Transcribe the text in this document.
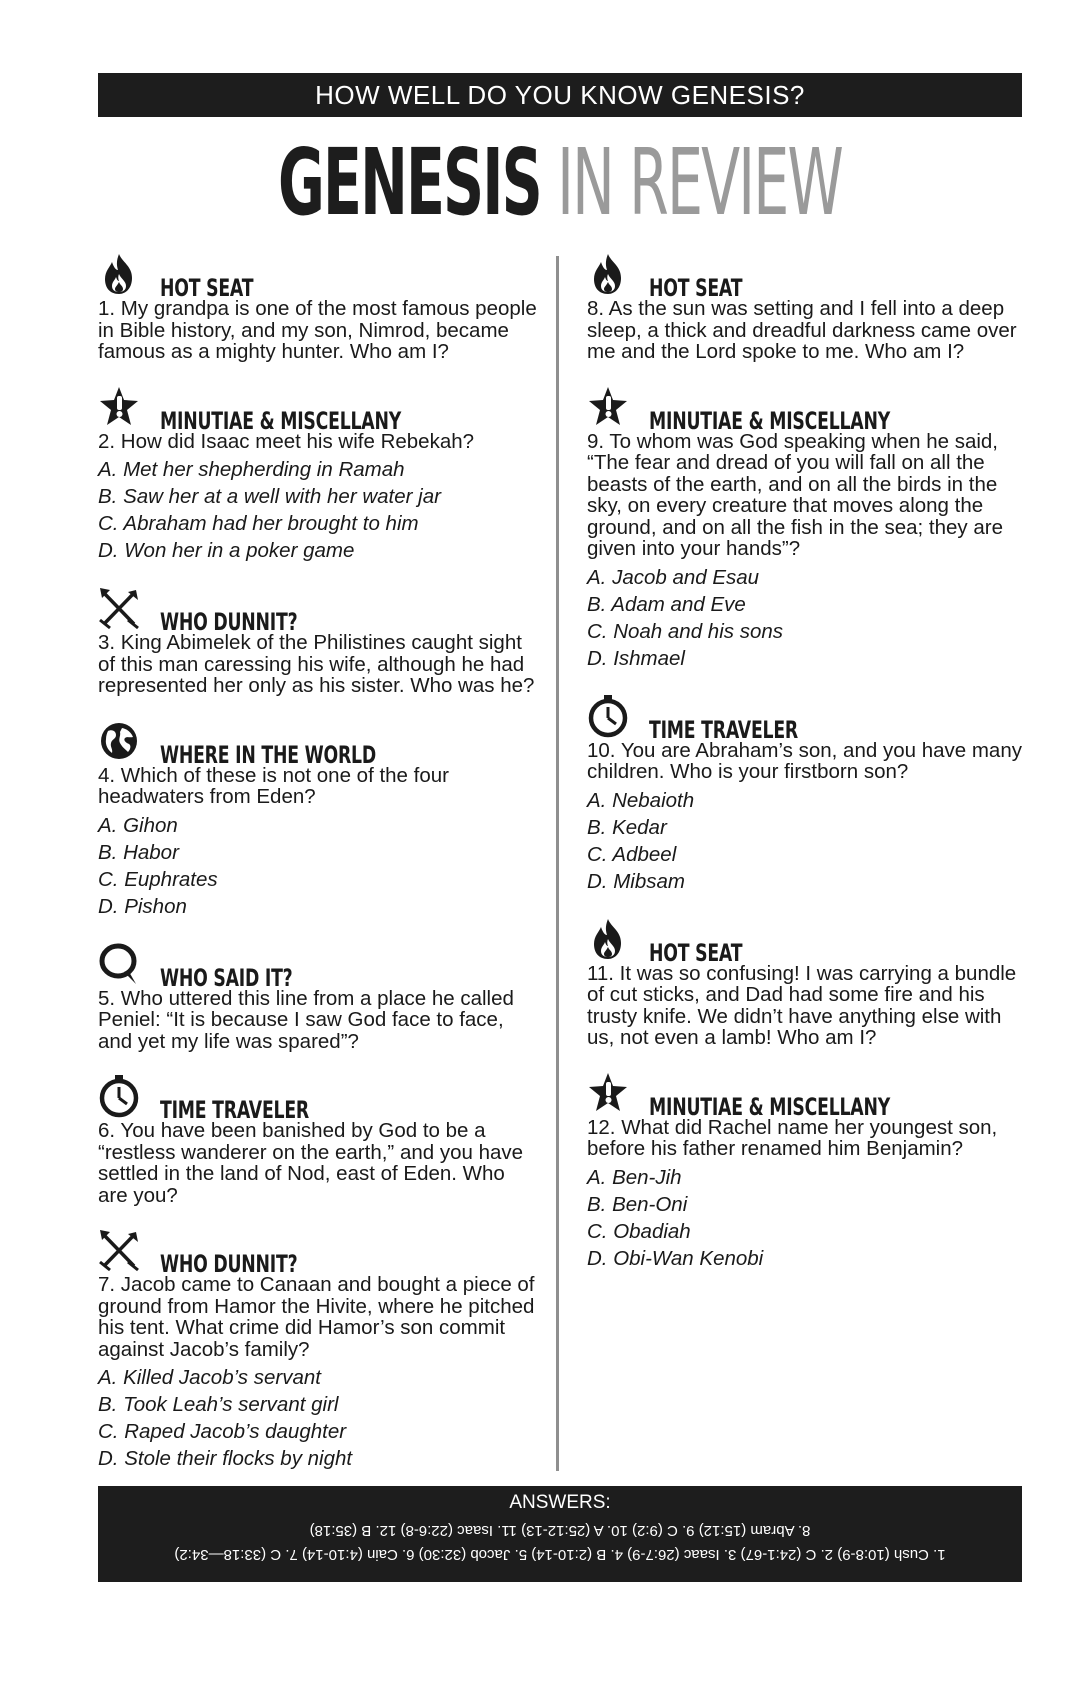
HOW WELL DO YOU KNOW GENESIS?
GENESIS IN REVIEW
HOT SEAT
1. My grandpa is one of the most famous people in Bible history, and my son, Nimrod, became famous as a mighty hunter. Who am I?
MINUTIAE & MISCELLANY
2. How did Isaac meet his wife Rebekah?
A. Met her shepherding in Ramah
B. Saw her at a well with her water jar
C. Abraham had her brought to him
D. Won her in a poker game
WHO DUNNIT?
3. King Abimelek of the Philistines caught sight of this man caressing his wife, although he had represented her only as his sister. Who was he?
WHERE IN THE WORLD
4. Which of these is not one of the four headwaters from Eden?
A. Gihon
B. Habor
C. Euphrates
D. Pishon
WHO SAID IT?
5. Who uttered this line from a place he called Peniel: “It is because I saw God face to face, and yet my life was spared”?
TIME TRAVELER
6. You have been banished by God to be a “restless wanderer on the earth,” and you have settled in the land of Nod, east of Eden. Who are you?
WHO DUNNIT?
7. Jacob came to Canaan and bought a piece of ground from Hamor the Hivite, where he pitched his tent. What crime did Hamor’s son commit against Jacob’s family?
A. Killed Jacob’s servant
B. Took Leah’s servant girl
C. Raped Jacob’s daughter
D. Stole their flocks by night
HOT SEAT
8. As the sun was setting and I fell into a deep sleep, a thick and dreadful darkness came over me and the Lord spoke to me. Who am I?
MINUTIAE & MISCELLANY
9. To whom was God speaking when he said, “The fear and dread of you will fall on all the beasts of the earth, and on all the birds in the sky, on every creature that moves along the ground, and on all the fish in the sea; they are given into your hands”?
A. Jacob and Esau
B. Adam and Eve
C. Noah and his sons
D. Ishmael
TIME TRAVELER
10. You are Abraham’s son, and you have many children. Who is your firstborn son?
A. Nebaioth
B. Kedar
C. Adbeel
D. Mibsam
HOT SEAT
11. It was so confusing! I was carrying a bundle of cut sticks, and Dad had some fire and his trusty knife. We didn’t have anything else with us, not even a lamb! Who am I?
MINUTIAE & MISCELLANY
12. What did Rachel name her youngest son, before his father renamed him Benjamin?
A. Ben-Jih
B. Ben-Oni
C. Obadiah
D. Obi-Wan Kenobi
ANSWERS:
8. Abram (15:12) 9. C (9:2) 10. A (25:12-13) 11. Isaac (22:6-8) 12. B (35:18)
1. Cush (10:8-9) 2. C (24:1-67) 3. Isaac (26:7-9) 4. B (2:10-14) 5. Jacob (32:30) 6. Cain (4:10-14) 7. C (33:18—34:2)
